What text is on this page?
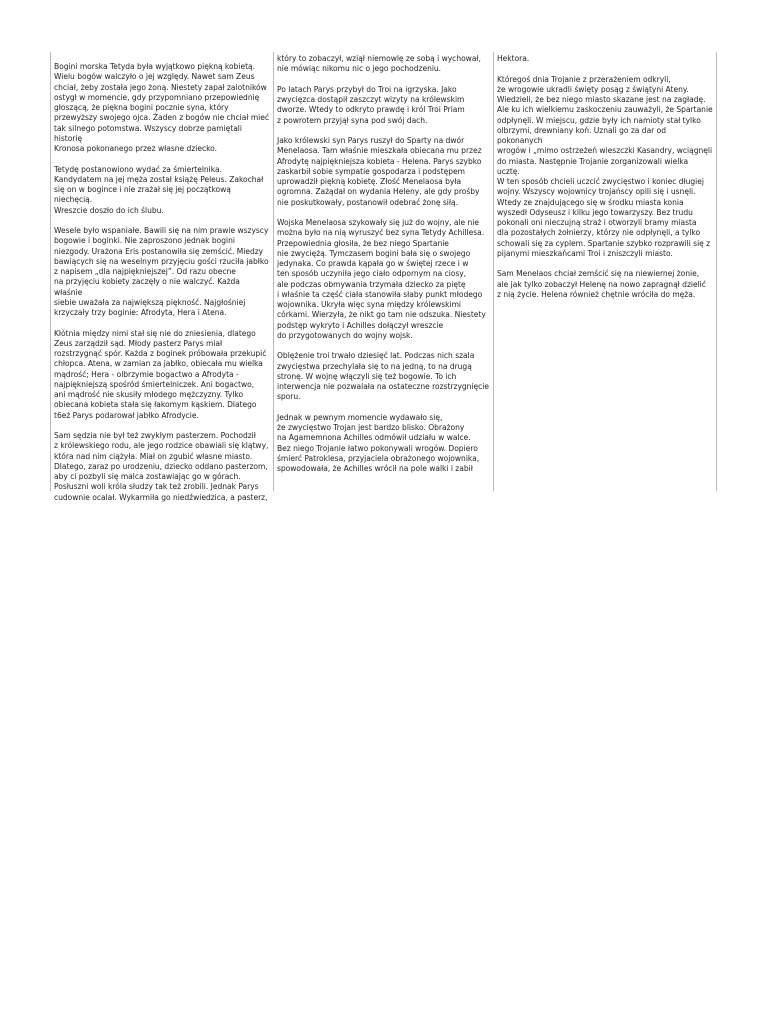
Bogini morska Tetyda była wyjątkowo piękną kobietą.
Wielu bogów walczyło o jej względy. Nawet sam Zeus
chciał, żeby została jego żoną. Niestety zapał zalotników
ostygł w momencie, gdy przypomniano przepowiednię
głoszącą, że piękna bogini pocznie syna, który
przewyższy swojego ojca. Żaden z bogów nie chciał mieć
tak silnego potomstwa. Wszyscy dobrze pamiętali historię
Kronosa pokonanego przez własne dziecko.

Tetydę postanowiono wydać za śmiertelnika.
Kandydatem na jej męża został książę Peleus. Zakochał
się on w bogince i nie zrażał się jej początkową niechęcią.
Wreszcie doszło do ich ślubu.

Wesele było wspaniałe. Bawili się na nim prawie wszyscy
bogowie i boginki. Nie zaproszono jednak bogini
niezgody. Urażona Eris postanowiła się zemścić. Miedzy
bawiących się na weselnym przyjęciu gości rzuciła jabłko
z napisem „dla najpiękniejszej”. Od razu obecne
na przyjęciu kobiety zaczęły o nie walczyć. Każda właśnie
siebie uważała za największą piękność. Najgłośniej
krzyczały trzy boginie: Afrodyta, Hera i Atena.

Kłótnia między nimi stał się nie do zniesienia, dlatego
Zeus zarządził sąd. Młody pasterz Parys miał
rozstrzygnąć spór. Każda z boginek próbowała przekupić
chłopca. Atena, w zamian za jabłko, obiecała mu wielka
mądrość; Hera - olbrzymie bogactwo a Afrodyta -
najpiękniejszą spośród śmiertelniczek. Ani bogactwo,
ani mądrość nie skusiły młodego mężczyzny. Tylko
obiecana kobieta stała się łakomym kąskiem. Dlatego
t6eż Parys podarował jabłko Afrodycie.

Sam sędzia nie był też zwykłym pasterzem. Pochodził
z królewskiego rodu, ale jego rodzice obawiali się klątwy,
która nad nim ciążyła. Miał on zgubić własne miasto.
Dlatego, zaraz po urodzeniu, dziecko oddano pasterzom,
aby ci pozbyli się malca zostawiając go w górach.
Posłuszni woli króla słudzy tak też zrobili. Jednak Parys
cudownie ocalał. Wykarmiła go niedźwiedzica, a pasterz,

który to zobaczył, wziął niemowlę ze sobą i wychował,
nie mówiąc nikomu nic o jego pochodzeniu.

Po latach Parys przybył do Troi na igrzyska. Jako
zwycięzca dostąpił zaszczyt wizyty na królewskim
dworze. Wtedy to odkryto prawdę i król Troi Priam
z powrotem przyjął syna pod swój dach.

Jako królewski syn Parys ruszył do Sparty na dwór
Menelaosa. Tam właśnie mieszkała obiecana mu przez
Afrodytę najpiękniejsza kobieta - Helena. Parys szybko
zaskarbił sobie sympatie gospodarza i podstępem
uprowadził piękną kobietę. Złość Menelaosa była
ogromna. Zażądał on wydania Heleny, ale gdy prośby
nie poskutkowały, postanowił odebrać żonę siłą.

Wojska Menelaosa szykowały się już do wojny, ale nie
można było na nią wyruszyć bez syna Tetydy Achillesa.
Przepowiednia głosiła, że bez niego Spartanie
nie zwyciężą. Tymczasem bogini bała się o swojego
jedynaka. Co prawda kąpała go w świętej rzece i w
ten sposób uczyniła jego ciało odpornym na ciosy,
ale podczas obmywania trzymała dziecko za piętę
i właśnie ta część ciała stanowiła słaby punkt młodego
wojownika. Ukryła więc syna między królewskimi
córkami. Wierzyła, że nikt go tam nie odszuka. Niestety
podstęp wykryto i Achilles dołączył wreszcie
do przygotowanych do wojny wojsk.

Oblężenie troi trwało dziesięć lat. Podczas nich szala
zwycięstwa przechylała się to na jedną, to na drugą
stronę. W wojnę włączyli się też bogowie. To ich
interwencja nie pozwalała na ostateczne rozstrzygnięcie
sporu.

Jednak w pewnym momencie wydawało się,
że zwycięstwo Trojan jest bardzo blisko. Obrażony
na Agamemnona Achilles odmówił udziału w walce.
Bez niego Trojanie łatwo pokonywali wrogów. Dopiero
śmierć Patroklesa, przyjaciela obrażonego wojownika,
spowodowała, że Achilles wrócił na pole walki i zabił

Hektora.

Któregoś dnia Trojanie z przerażeniem odkryli,
że wrogowie ukradli święty posąg z świątyni Ateny.
Wiedzieli, że bez niego miasto skazane jest na zagładę.
Ale ku ich wielkiemu zaskoczeniu zauważyli, że Spartanie
odpłynęli. W miejscu, gdzie były ich namioty stał tylko
olbrzymi, drewniany koń. Uznali go za dar od pokonanych
wrogów i „mimo ostrzeżeń wieszczki Kasandry, wciągnęli
do miasta. Następnie Trojanie zorganizowali wielka ucztę.
W ten sposób chcieli uczcić zwycięstwo i koniec długiej
wojny. Wszyscy wojownicy trojańscy opili się i usnęli.
Wtedy ze znajdującego się w środku miasta konia
wyszedł Odyseusz i kilku jego towarzyszy. Bez trudu
pokonali oni nieczujną straż i otworzyli bramy miasta
dla pozostałych żołnierzy, którzy nie odpłynęli, a tylko
schowali się za cyplem. Spartanie szybko rozprawili się z
pijanymi mieszkańcami Troi i zniszczyli miasto.

Sam Menelaos chciał zemścić się na niewiernej żonie,
ale jak tylko zobaczył Helenę na nowo zapragnął dzielić
z nią życie. Helena również chętnie wróciła do męża.
